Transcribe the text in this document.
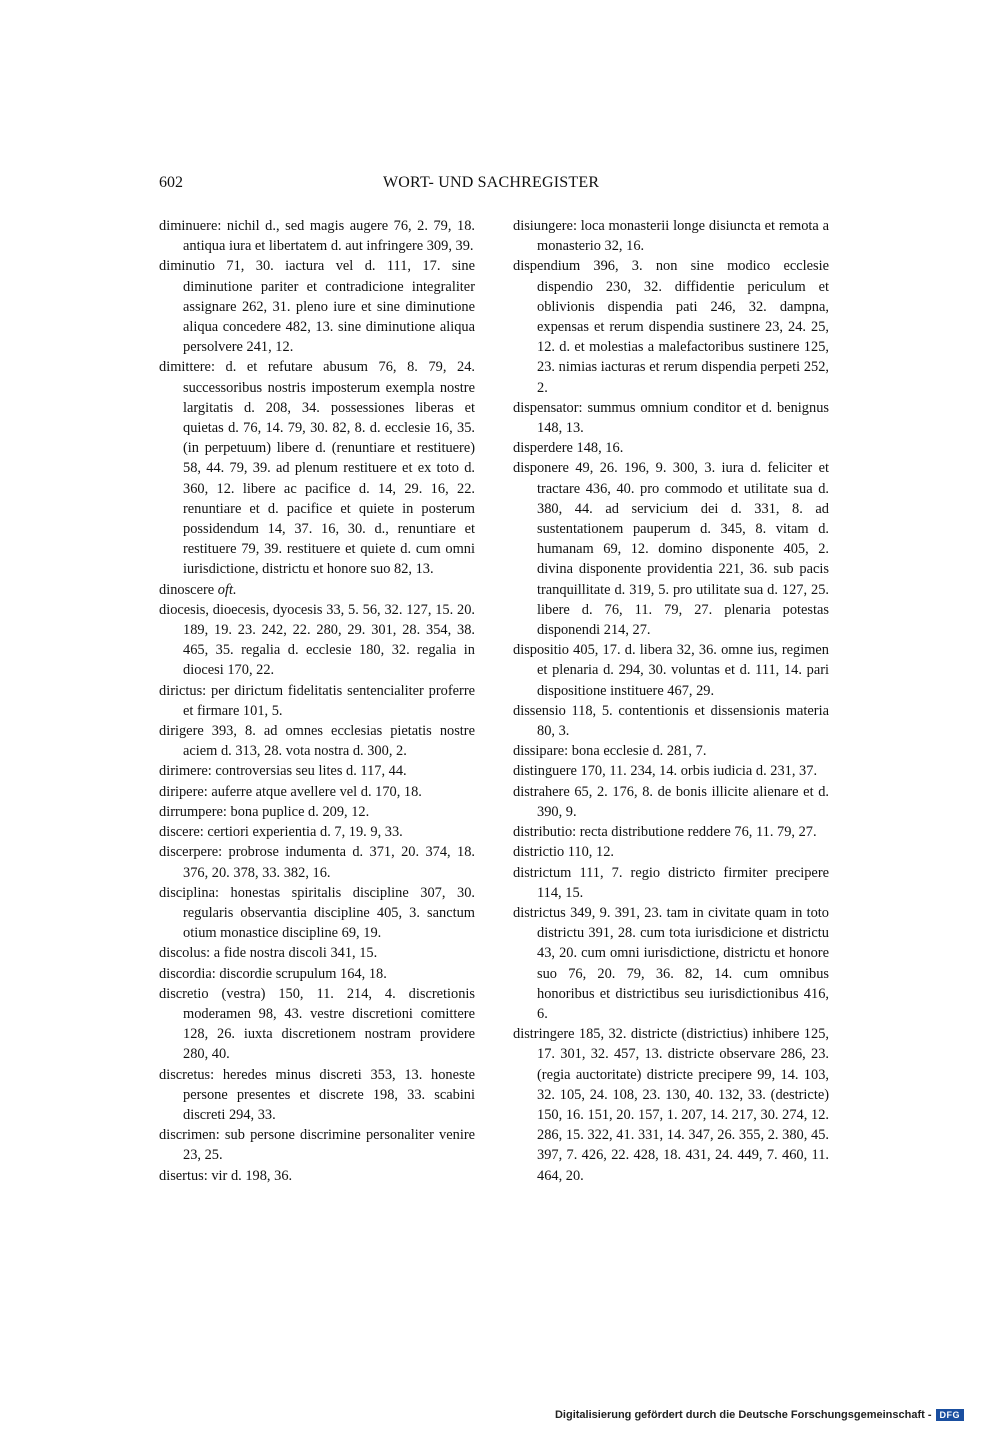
602	WORT- UND SACHREGISTER

diminuere: nichil d., sed magis augere 76, 2. 79, 18. antiqua iura et libertatem d. aut infringere 309, 39.

diminutio 71, 30. iactura vel d. 111, 17. sine diminutione pariter et contradicione integraliter assignare 262, 31. pleno iure et sine diminutione aliqua concedere 482, 13. sine diminutione aliqua persolvere 241, 12.

dimittere: d. et refutare abusum 76, 8. 79, 24. successoribus nostris imposterum exempla nostre largitatis d. 208, 34. possessiones liberas et quietas d. 76, 14. 79, 30. 82, 8. d. ecclesie 16, 35. (in perpetuum) libere d. (renuntiare et restituere) 58, 44. 79, 39. ad plenum restituere et ex toto d. 360, 12. libere ac pacifice d. 14, 29. 16, 22. renuntiare et d. pacifice et quiete in posterum possidendum 14, 37. 16, 30. d., renuntiare et restituere 79, 39. restituere et quiete d. cum omni iurisdictione, districtu et honore suo 82, 13.

dinoscere oft.

diocesis, dioecesis, dyocesis 33, 5. 56, 32. 127, 15. 20. 189, 19. 23. 242, 22. 280, 29. 301, 28. 354, 38. 465, 35. regalia d. ecclesie 180, 32. regalia in diocesi 170, 22.

dirictus: per dirictum fidelitatis sentencialiter proferre et firmare 101, 5.

dirigere 393, 8. ad omnes ecclesias pietatis nostre aciem d. 313, 28. vota nostra d. 300, 2.

dirimere: controversias seu lites d. 117, 44.

diripere: auferre atque avellere vel d. 170, 18.

dirrumpere: bona puplice d. 209, 12.

discere: certiori experientia d. 7, 19. 9, 33.

discerpere: probrose indumenta d. 371, 20. 374, 18. 376, 20. 378, 33. 382, 16.

disciplina: honestas spiritalis discipline 307, 30. regularis observantia discipline 405, 3. sanctum otium monastice discipline 69, 19.

discolus: a fide nostra discoli 341, 15.

discordia: discordie scrupulum 164, 18.

discretio (vestra) 150, 11. 214, 4. discretionis moderamen 98, 43. vestre discretioni comittere 128, 26. iuxta discretionem nostram providere 280, 40.

discretus: heredes minus discreti 353, 13. honeste persone presentes et discrete 198, 33. scabini discreti 294, 33.

discrimen: sub persone discrimine personaliter venire 23, 25.

disertus: vir d. 198, 36.

disiungere: loca monasterii longe disiuncta et remota a monasterio 32, 16.

dispendium 396, 3. non sine modico ecclesie dispendio 230, 32. diffidentie periculum et oblivionis dispendia pati 246, 32. dampna, expensas et rerum dispendia sustinere 23, 24. 25, 12. d. et molestias a malefactoribus sustinere 125, 23. nimias iacturas et rerum dispendia perpeti 252, 2.

dispensator: summus omnium conditor et d. benignus 148, 13.

disperdere 148, 16.

disponere 49, 26. 196, 9. 300, 3. iura d. feliciter et tractare 436, 40. pro commodo et utilitate sua d. 380, 44. ad servicium dei d. 331, 8. ad sustentationem pauperum d. 345, 8. vitam d. humanam 69, 12. domino disponente 405, 2. divina disponente providentia 221, 36. sub pacis tranquillitate d. 319, 5. pro utilitate sua d. 127, 25. libere d. 76, 11. 79, 27. plenaria potestas disponendi 214, 27.

dispositio 405, 17. d. libera 32, 36. omne ius, regimen et plenaria d. 294, 30. voluntas et d. 111, 14. pari dispositione instituere 467, 29.

dissensio 118, 5. contentionis et dissensionis materia 80, 3.

dissipare: bona ecclesie d. 281, 7.

distinguere 170, 11. 234, 14. orbis iudicia d. 231, 37.

distrahere 65, 2. 176, 8. de bonis illicite alienare et d. 390, 9.

distributio: recta distributione reddere 76, 11. 79, 27.

districtio 110, 12.

districtum 111, 7. regio districto firmiter precipere 114, 15.

districtus 349, 9. 391, 23. tam in civitate quam in toto districtu 391, 28. cum tota iurisdicione et districtu 43, 20. cum omni iurisdictione, districtu et honore suo 76, 20. 79, 36. 82, 14. cum omnibus honoribus et districtibus seu iurisdictionibus 416, 6.

distringere 185, 32. districte (districtius) inhibere 125, 17. 301, 32. 457, 13. districte observare 286, 23. (regia auctoritate) districte precipere 99, 14. 103, 32. 105, 24. 108, 23. 130, 40. 132, 33. (destricte) 150, 16. 151, 20. 157, 1. 207, 14. 217, 30. 274, 12. 286, 15. 322, 41. 331, 14. 347, 26. 355, 2. 380, 45. 397, 7. 426, 22. 428, 18. 431, 24. 449, 7. 460, 11. 464, 20.

Digitalisierung gefördert durch die Deutsche Forschungsgemeinschaft - DFG
